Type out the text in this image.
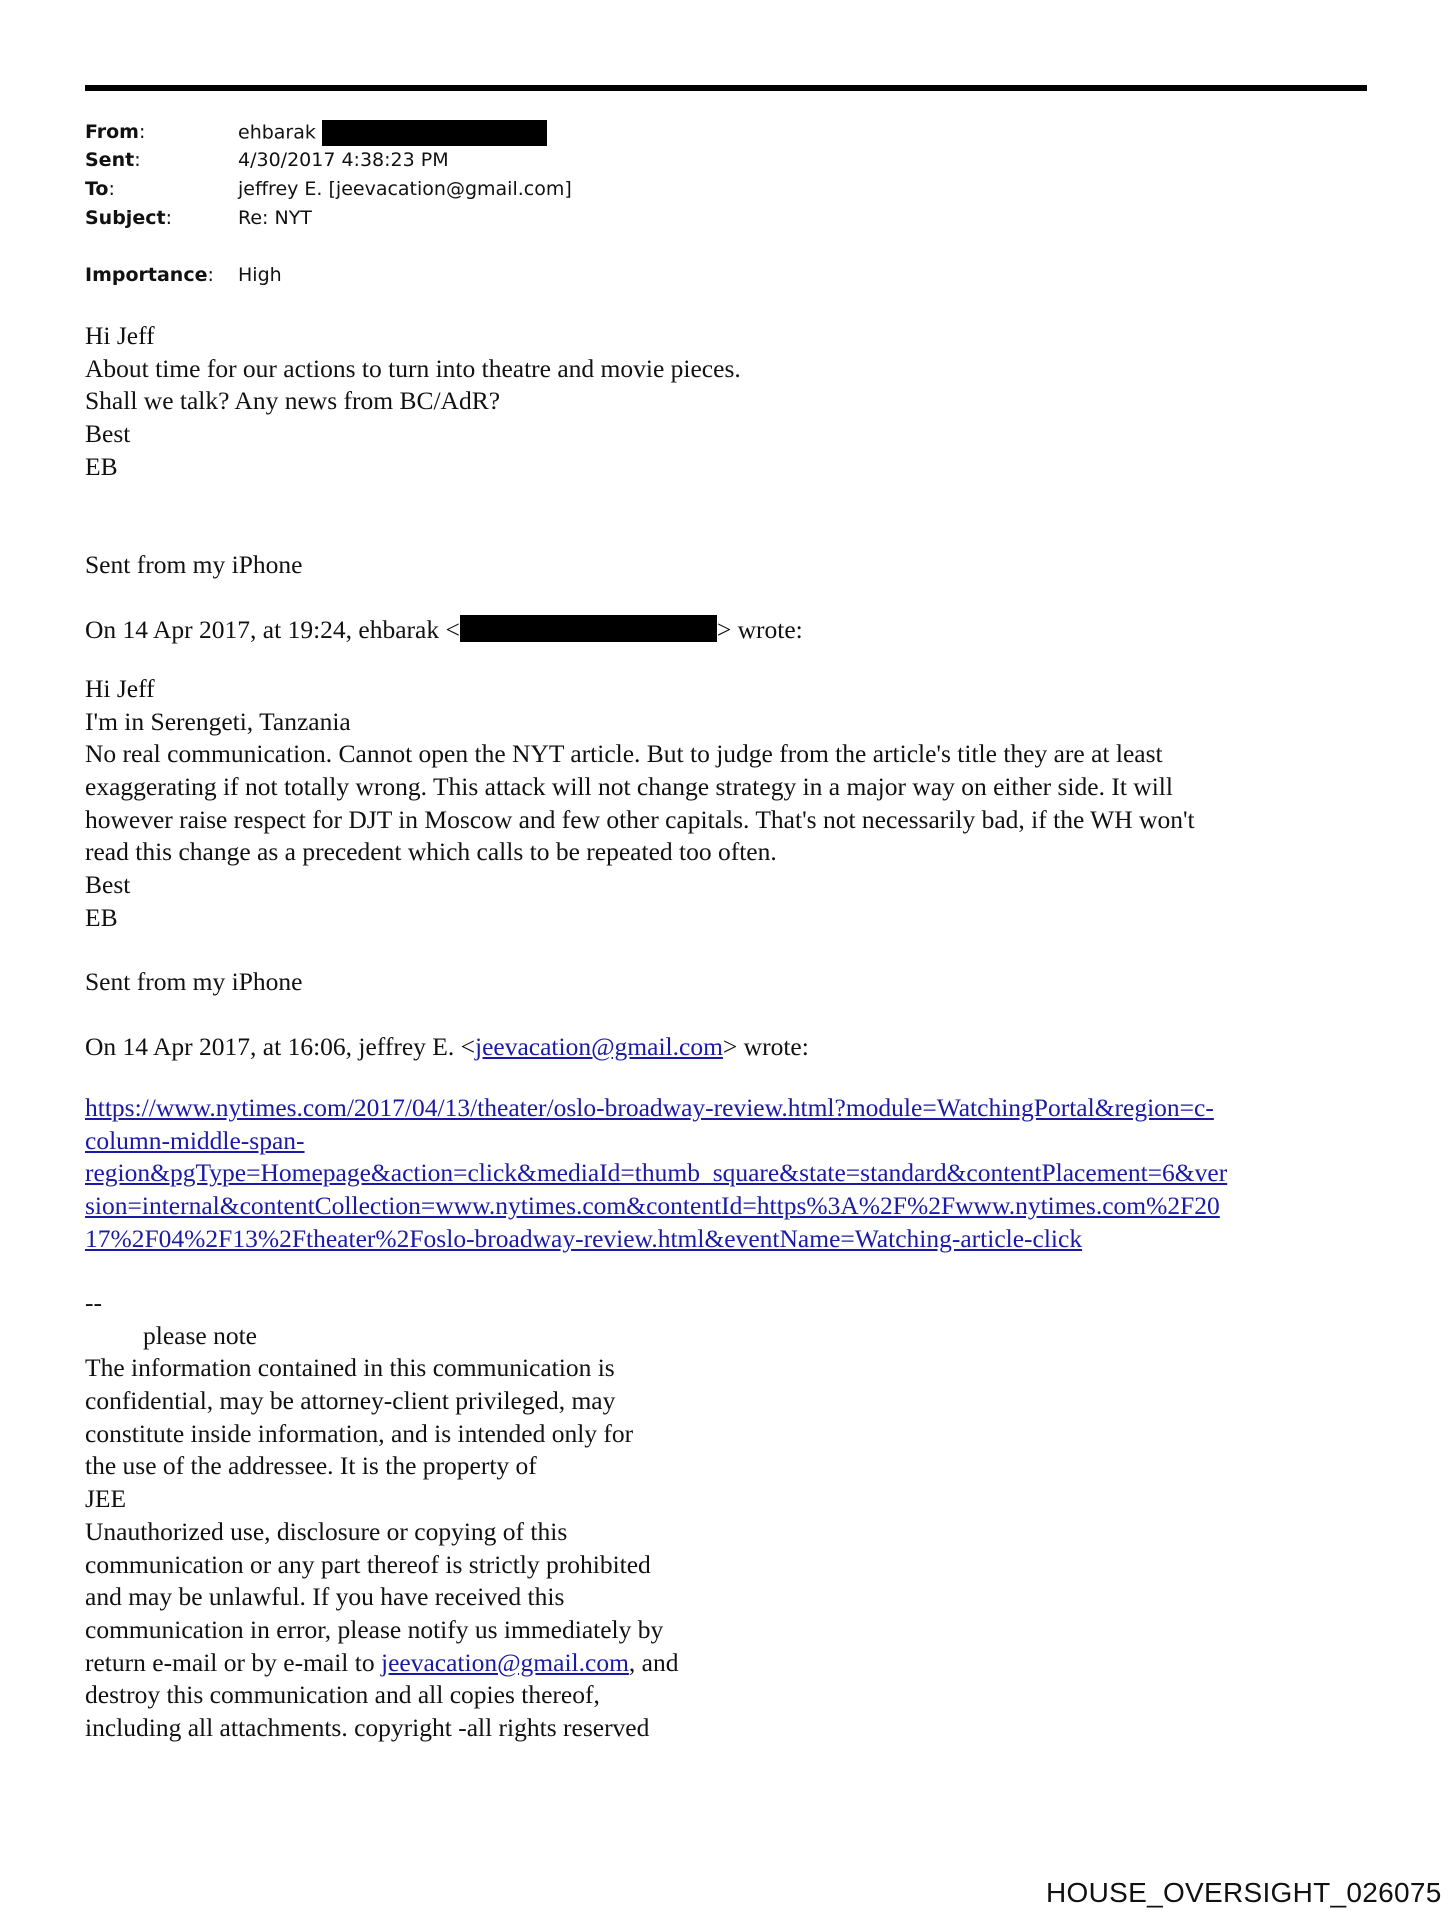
From:	ehbarak
Sent:	4/30/2017 4:38:23 PM
To:	jeffrey E. [jeevacation@gmail.com]
Subject:	Re: NYT
Importance: High
Hi Jeff
About time for our actions to turn into theatre and movie pieces.
Shall we talk? Any news from BC/AdR?
Best
EB
Sent from my iPhone
On 14 Apr 2017, at 19:24, ehbarak <	> wrote:
Hi Jeff
I'm in Serengeti, Tanzania
No real communication. Cannot open the NYT article. But to judge from the article's title they are at least
exaggerating if not totally wrong. This attack will not change strategy in a major way on either side. It will
however raise respect for DJT in Moscow and few other capitals. That's not necessarily bad, if the WH won't
read this change as a precedent which calls to be repeated too often.
Best
EB
Sent from my iPhone
On 14 Apr 2017, at 16:06, jeffrey E. <jeevacation@gmail.com> wrote:
https://www.nytimes.com/2017/04/13/theater/oslo-broadway-review.html?module=WatchingPortal&region=c-
column-middle-span-
region&pgType=Homepage&action=click&mediaId=thumb_square&state=standard&contentPlacement=6&ver
sion=internal&contentCollection=www.nytimes.com&contentId=https%3A%2F%2Fwww.nytimes.com%2F20
17%2F04%2F13%2Ftheater%2Foslo-broadway-review.html&eventName=Watching-article-click
--
please note
The information contained in this communication is
confidential, may be attorney-client privileged, may
constitute inside information, and is intended only for
the use of the addressee. It is the property of
JEE
Unauthorized use, disclosure or copying of this
communication or any part thereof is strictly prohibited
and may be unlawful. If you have received this
communication in error, please notify us immediately by
return e-mail or by e-mail to jeevacation@gmail.com, and
destroy this communication and all copies thereof,
including all attachments. copyright -all rights reserved
HOUSE_OVERSIGHT_026075
